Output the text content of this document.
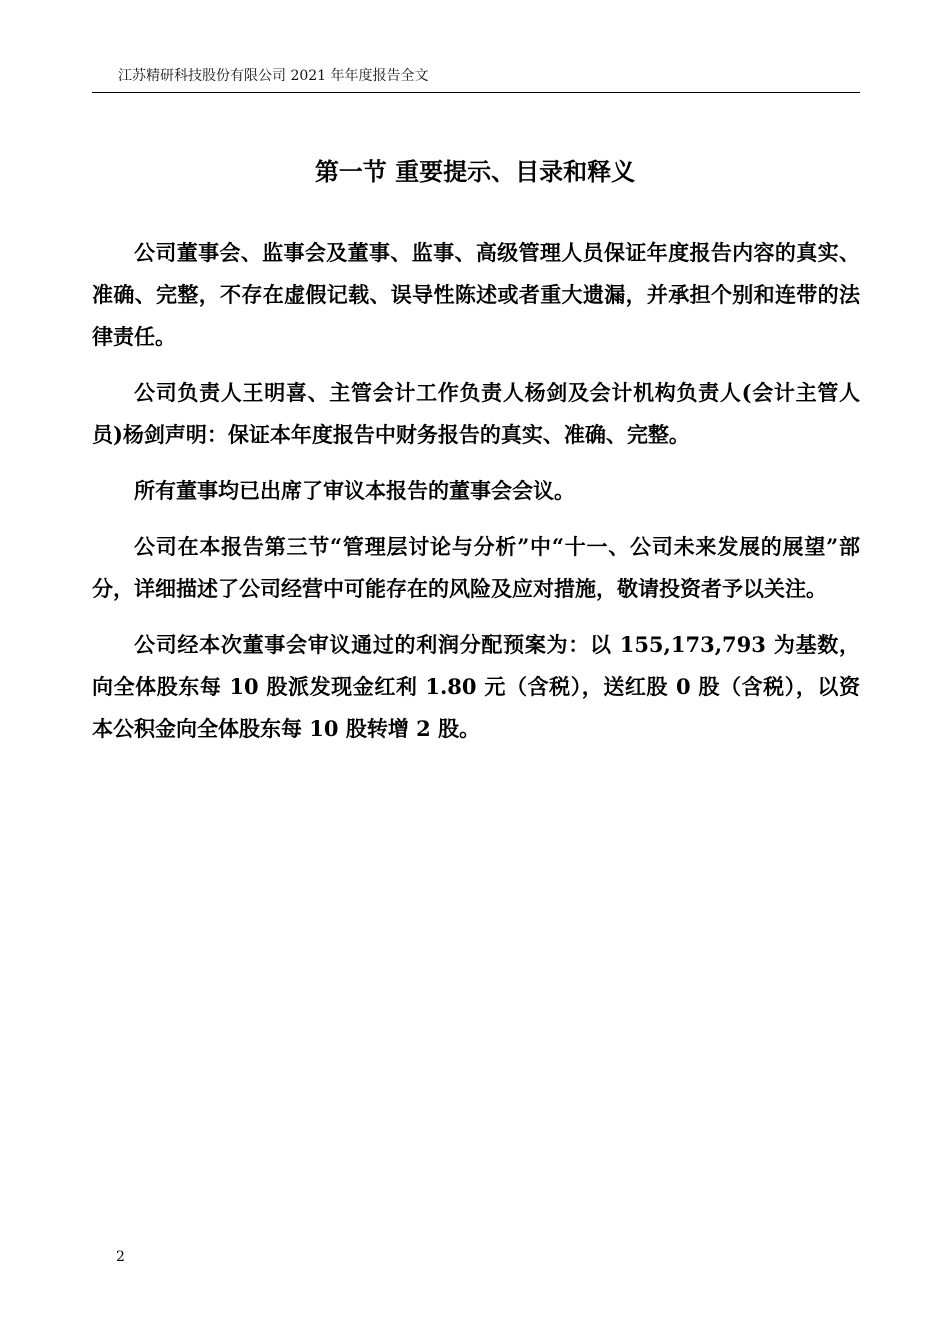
江苏精研科技股份有限公司 2021 年年度报告全文
第一节 重要提示、目录和释义

公司董事会、监事会及董事、监事、高级管理人员保证年度报告内容的真实、准确、完整，不存在虚假记载、误导性陈述或者重大遗漏，并承担个别和连带的法律责任。

公司负责人王明喜、主管会计工作负责人杨剑及会计机构负责人(会计主管人员)杨剑声明：保证本年度报告中财务报告的真实、准确、完整。

所有董事均已出席了审议本报告的董事会会议。

公司在本报告第三节“管理层讨论与分析”中“十一、公司未来发展的展望”部分，详细描述了公司经营中可能存在的风险及应对措施，敬请投资者予以关注。

公司经本次董事会审议通过的利润分配预案为：以 155,173,793 为基数，向全体股东每 10 股派发现金红利 1.80 元（含税），送红股 0 股（含税），以资本公积金向全体股东每 10 股转增 2 股。

2
